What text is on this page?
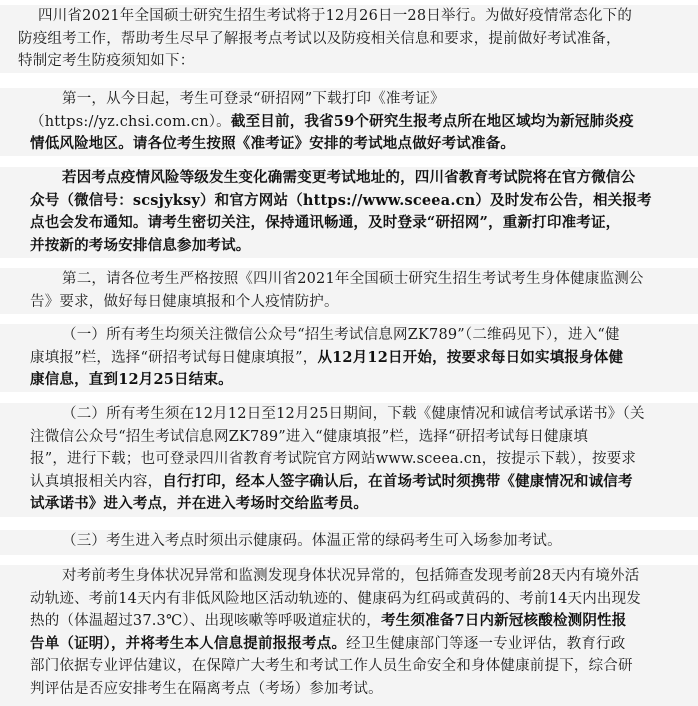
四川省2021年全国硕士研究生招生考试将于12月26日一28日举行。为做好疫情常态化下的
防疫组考工作，帮助考生尽早了解报考点考试以及防疫相关信息和要求，提前做好考试准备，
特制定考生防疫须知如下：
第一，从今日起，考生可登录“研招网”下载打印《准考证》
（https://yz.chsi.com.cn）。截至目前，我省59个研究生报考点所在地区域均为新冠肺炎疫
情低风险地区。请各位考生按照《准考证》安排的考试地点做好考试准备。
若因考点疫情风险等级发生变化确需变更考试地址的，四川省教育考试院将在官方微信公
众号（微信号：scsjyksy）和官方网站（https://www.sceea.cn）及时发布公告，相关报考
点也会发布通知。请考生密切关注，保持通讯畅通，及时登录“研招网”，重新打印准考证，
并按新的考场安排信息参加考试。
第二，请各位考生严格按照《四川省2021年全国硕士研究生招生考试考生身体健康监测公
告》要求，做好每日健康填报和个人疫情防护。
（一）所有考生均须关注微信公众号“招生考试信息网ZK789”（二维码见下），进入“健
康填报”栏，选择“研招考试每日健康填报”，从12月12日开始，按要求每日如实填报身体健
康信息，直到12月25日结束。
（二）所有考生须在12月12日至12月25日期间，下载《健康情况和诚信考试承诺书》（关
注微信公众号“招生考试信息网ZK789”进入“健康填报”栏，选择“研招考试每日健康填
报”，进行下载；也可登录四川省教育考试院官方网站www.sceea.cn，按提示下载），按要求
认真填报相关内容，自行打印，经本人签字确认后，在首场考试时须携带《健康情况和诚信考
试承诺书》进入考点，并在进入考场时交给监考员。
（三）考生进入考点时须出示健康码。体温正常的绿码考生可入场参加考试。
对考前考生身体状况异常和监测发现身体状况异常的，包括筛查发现考前28天内有境外活
动轨迹、考前14天内有非低风险地区活动轨迹的、健康码为红码或黄码的、考前14天内出现发
热的（体温超过37.3℃）、出现咳嗽等呼吸道症状的，考生须准备7日内新冠核酸检测阴性报
告单（证明），并将考生本人信息提前报报考点。经卫生健康部门等逐一专业评估，教育行政
部门依据专业评估建议，在保障广大考生和考试工作人员生命安全和身体健康前提下，综合研
判评估是否应安排考生在隔离考点（考场）参加考试。
